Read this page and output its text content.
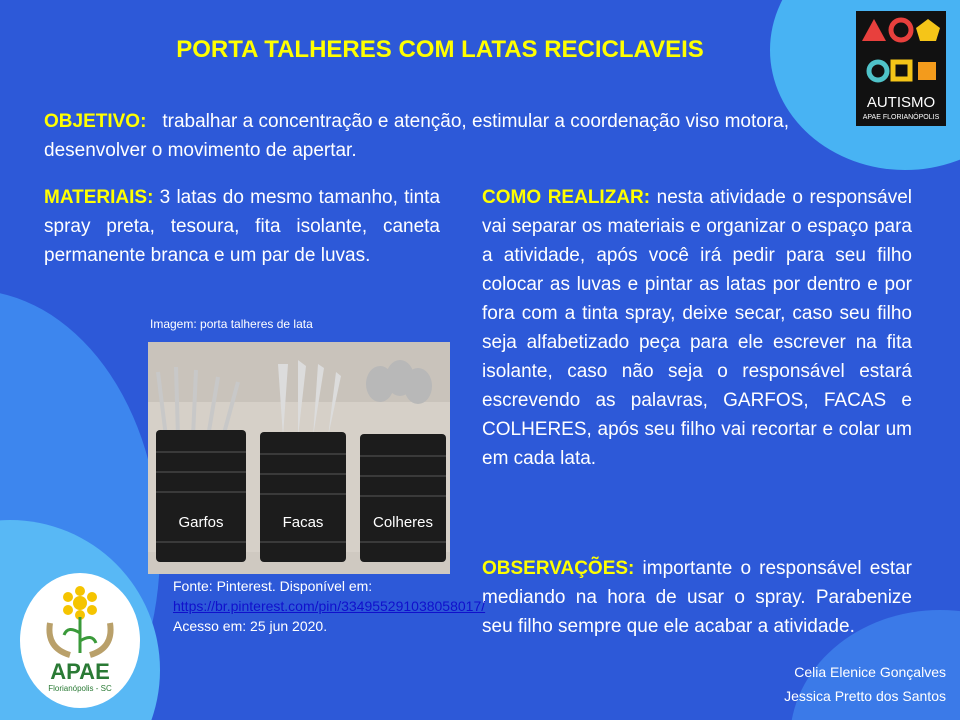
PORTA TALHERES COM LATAS RECICLAVEIS
OBJETIVO: trabalhar a concentração e atenção, estimular a coordenação viso motora, desenvolver o movimento de apertar.
MATERIAIS: 3 latas do mesmo tamanho, tinta spray preta, tesoura, fita isolante, caneta permanente branca e um par de luvas.
COMO REALIZAR: nesta atividade o responsável vai separar os materiais e organizar o espaço para a atividade, após você irá pedir para seu filho colocar as luvas e pintar as latas por dentro e por fora com a tinta spray, deixe secar, caso seu filho seja alfabetizado peça para ele escrever na fita isolante, caso não seja o responsável estará escrevendo as palavras, GARFOS, FACAS e COLHERES, após seu filho vai recortar e colar um em cada lata.
OBSERVAÇÕES: importante o responsável estar mediando na hora de usar o spray. Parabenize seu filho sempre que ele acabar a atividade.
Imagem: porta talheres de lata
Garfos	Facas	Colheres
Fonte: Pinterest. Disponível em:
https://br.pinterest.com/pin/334955291038058017/ Acesso em: 25 jun 2020.
Celia Elenice Gonçalves
Jessica Pretto dos Santos
AUTISMO
APAE FLORIANÓPOLIS
APAE
Florianópolis - SC
